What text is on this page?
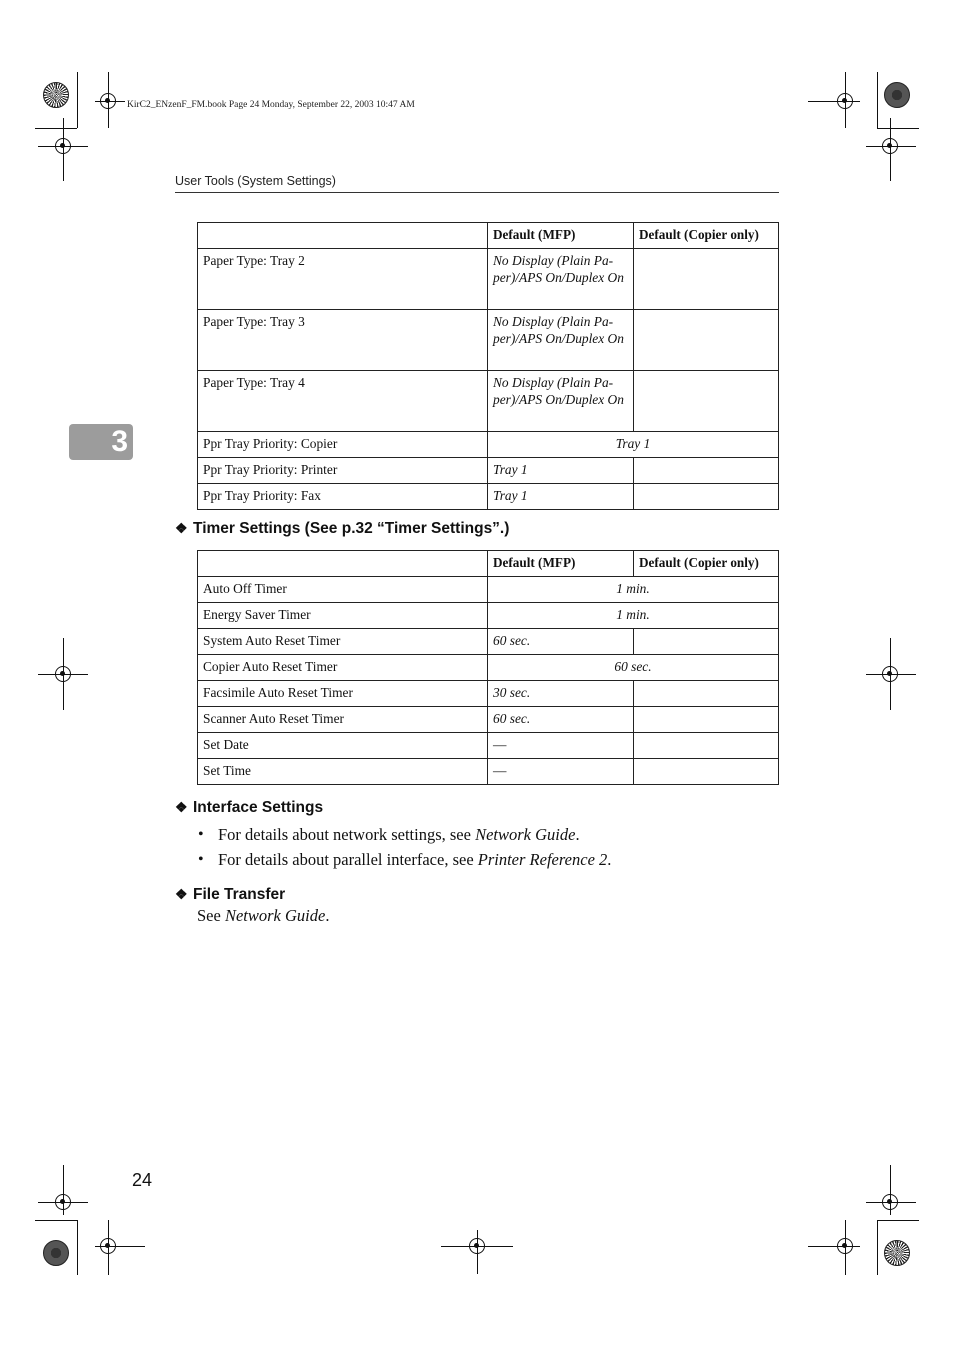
KirC2_ENzenF_FM.book Page 24 Monday, September 22, 2003 10:47 AM
User Tools (System Settings)
3
	Default (MFP)	Default (Copier only)
Paper Type: Tray 2	No Display (Plain Pa-per)/APS On/Duplex On	
Paper Type: Tray 3	No Display (Plain Pa-per)/APS On/Duplex On	
Paper Type: Tray 4	No Display (Plain Pa-per)/APS On/Duplex On	
Ppr Tray Priority: Copier	Tray 1	
Ppr Tray Priority: Printer	Tray 1	
Ppr Tray Priority: Fax	Tray 1	
❖ Timer Settings (See p.32 “Timer Settings”.)
	Default (MFP)	Default (Copier only)
Auto Off Timer	1 min.	
Energy Saver Timer	1 min.	
System Auto Reset Timer	60 sec.	
Copier Auto Reset Timer	60 sec.	
Facsimile Auto Reset Timer	30 sec.	
Scanner Auto Reset Timer	60 sec.	
Set Date	—	
Set Time	—	
❖ Interface Settings
• For details about network settings, see Network Guide.
• For details about parallel interface, see Printer Reference 2.
❖ File Transfer
See Network Guide.
24
